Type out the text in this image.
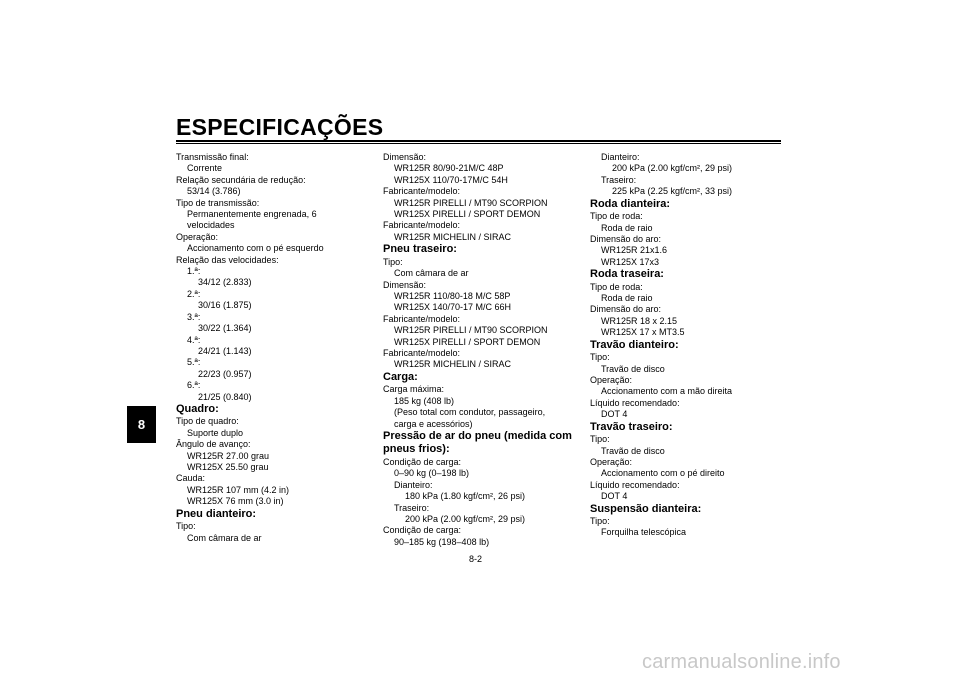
ESPECIFICAÇÕES
8
Transmissão final:
Corrente
Relação secundária de redução:
53/14 (3.786)
Tipo de transmissão:
Permanentemente engrenada, 6
velocidades
Operação:
Accionamento com o pé esquerdo
Relação das velocidades:
1.ª:
34/12 (2.833)
2.ª:
30/16 (1.875)
3.ª:
30/22 (1.364)
4.ª:
24/21 (1.143)
5.ª:
22/23 (0.957)
6.ª:
21/25 (0.840)
Quadro:
Tipo de quadro:
Suporte duplo
Ângulo de avanço:
WR125R 27.00 grau
WR125X 25.50 grau
Cauda:
WR125R 107 mm (4.2 in)
WR125X 76 mm (3.0 in)
Pneu dianteiro:
Tipo:
Com câmara de ar
Dimensão:
WR125R 80/90-21M/C 48P
WR125X 110/70-17M/C 54H
Fabricante/modelo:
WR125R PIRELLI / MT90 SCORPION
WR125X PIRELLI / SPORT DEMON
Fabricante/modelo:
WR125R MICHELIN / SIRAC
Pneu traseiro:
Tipo:
Com câmara de ar
Dimensão:
WR125R 110/80-18 M/C 58P
WR125X 140/70-17 M/C 66H
Fabricante/modelo:
WR125R PIRELLI / MT90 SCORPION
WR125X PIRELLI / SPORT DEMON
Fabricante/modelo:
WR125R MICHELIN / SIRAC
Carga:
Carga máxima:
185 kg (408 lb)
(Peso total com condutor, passageiro,
carga e acessórios)
Pressão de ar do pneu (medida com
pneus frios):
Condição de carga:
0–90 kg (0–198 lb)
Dianteiro:
180 kPa (1.80 kgf/cm², 26 psi)
Traseiro:
200 kPa (2.00 kgf/cm², 29 psi)
Condição de carga:
90–185 kg (198–408 lb)
Dianteiro:
200 kPa (2.00 kgf/cm², 29 psi)
Traseiro:
225 kPa (2.25 kgf/cm², 33 psi)
Roda dianteira:
Tipo de roda:
Roda de raio
Dimensão do aro:
WR125R 21x1.6
WR125X 17x3
Roda traseira:
Tipo de roda:
Roda de raio
Dimensão do aro:
WR125R 18 x 2.15
WR125X 17 x MT3.5
Travão dianteiro:
Tipo:
Travão de disco
Operação:
Accionamento com a mão direita
Líquido recomendado:
DOT 4
Travão traseiro:
Tipo:
Travão de disco
Operação:
Accionamento com o pé direito
Líquido recomendado:
DOT 4
Suspensão dianteira:
Tipo:
Forquilha telescópica
8-2
carmanualsonline.info
